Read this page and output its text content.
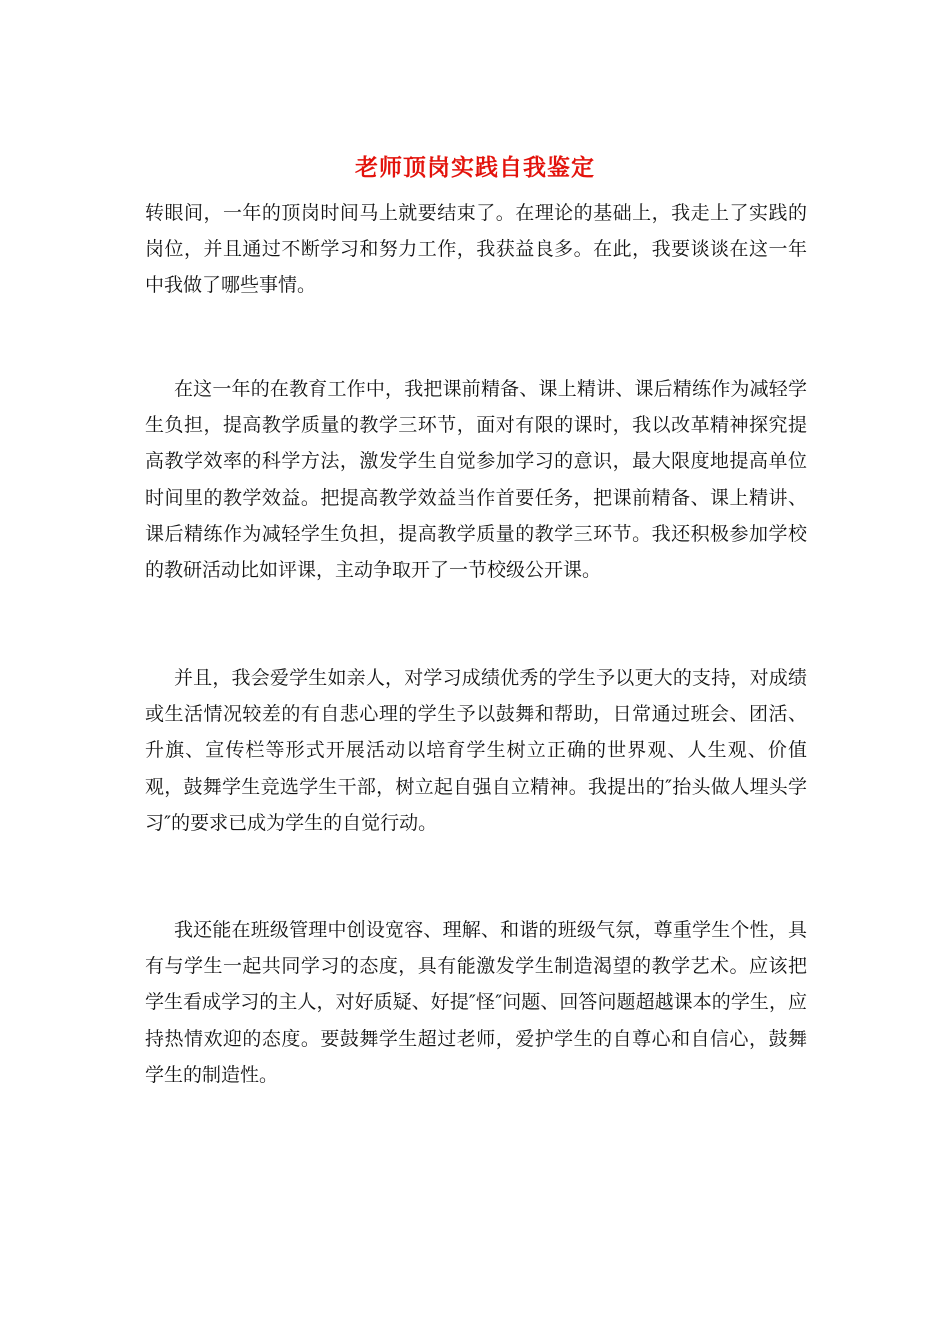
老师顶岗实践自我鉴定

转眼间，一年的顶岗时间马上就要结束了。在理论的基础上，我走上了实践的岗位，并且通过不断学习和努力工作，我获益良多。在此，我要谈谈在这一年中我做了哪些事情。

在这一年的在教育工作中，我把课前精备、课上精讲、课后精练作为减轻学生负担，提高教学质量的教学三环节，面对有限的课时，我以改革精神探究提高教学效率的科学方法，激发学生自觉参加学习的意识，最大限度地提高单位时间里的教学效益。把提高教学效益当作首要任务，把课前精备、课上精讲、课后精练作为减轻学生负担，提高教学质量的教学三环节。我还积极参加学校的教研活动比如评课，主动争取开了一节校级公开课。

并且，我会爱学生如亲人，对学习成绩优秀的学生予以更大的支持，对成绩或生活情况较差的有自悲心理的学生予以鼓舞和帮助，日常通过班会、团活、升旗、宣传栏等形式开展活动以培育学生树立正确的世界观、人生观、价值观，鼓舞学生竞选学生干部，树立起自强自立精神。我提出的″抬头做人埋头学习″的要求已成为学生的自觉行动。

我还能在班级管理中创设宽容、理解、和谐的班级气氛，尊重学生个性，具有与学生一起共同学习的态度，具有能激发学生制造渴望的教学艺术。应该把学生看成学习的主人，对好质疑、好提″怪″问题、回答问题超越课本的学生，应持热情欢迎的态度。要鼓舞学生超过老师，爱护学生的自尊心和自信心，鼓舞学生的制造性。
